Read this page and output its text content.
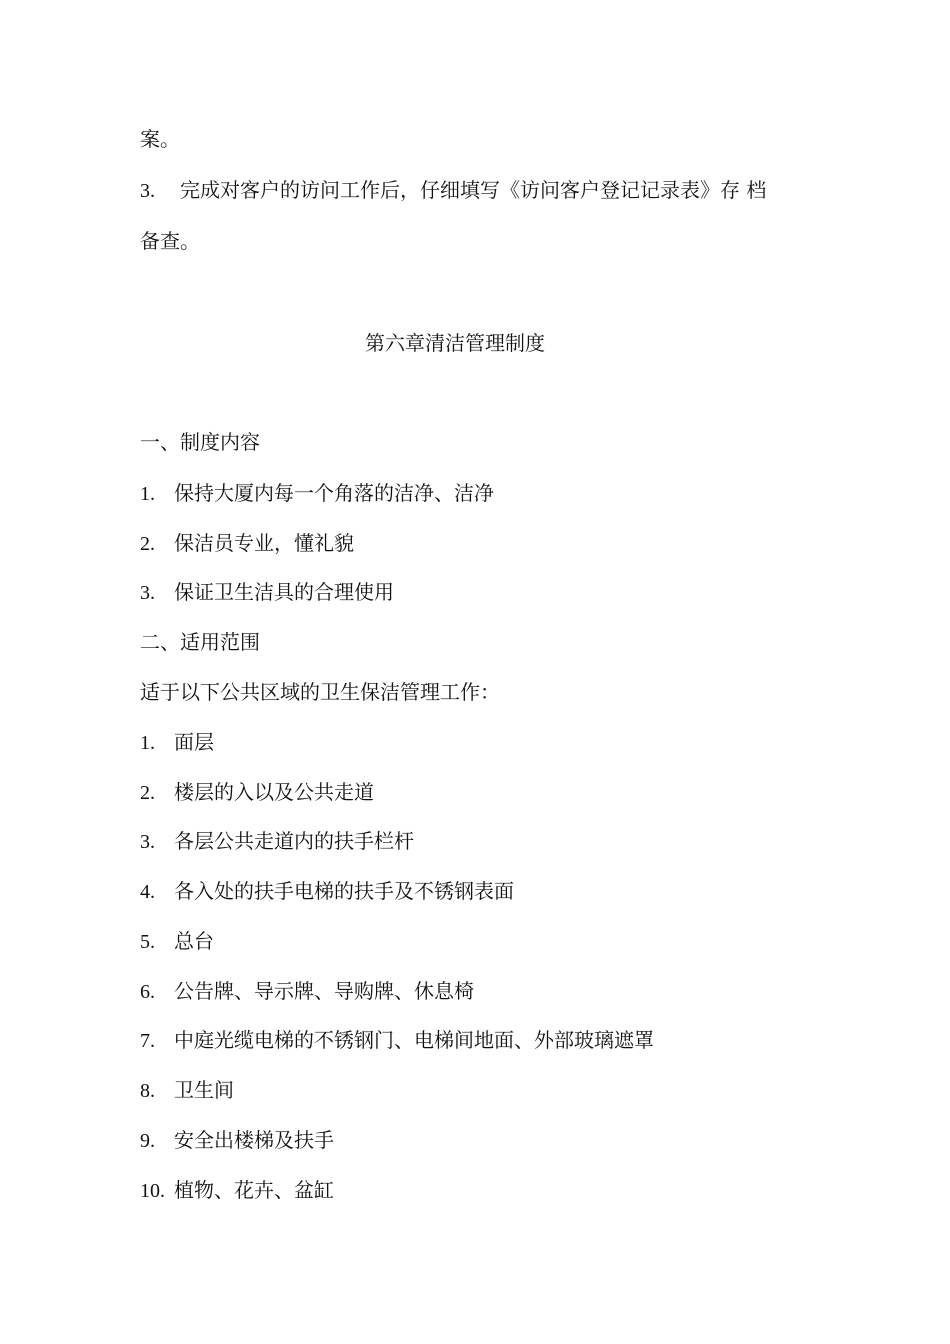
案。
3. 完成对客户的访问工作后，仔细填写《访问客户登记记录表》存 档
备查。
第六章清洁管理制度
一、制度内容
1. 保持大厦内每一个角落的洁净、洁净
2. 保洁员专业，懂礼貌
3. 保证卫生洁具的合理使用
二、适用范围
适于以下公共区域的卫生保洁管理工作：
1. 面层
2. 楼层的入以及公共走道
3. 各层公共走道内的扶手栏杆
4. 各入处的扶手电梯的扶手及不锈钢表面
5. 总台
6. 公告牌、导示牌、导购牌、休息椅
7. 中庭光缆电梯的不锈钢门、电梯间地面、外部玻璃遮罩
8. 卫生间
9. 安全出楼梯及扶手
10. 植物、花卉、盆缸
